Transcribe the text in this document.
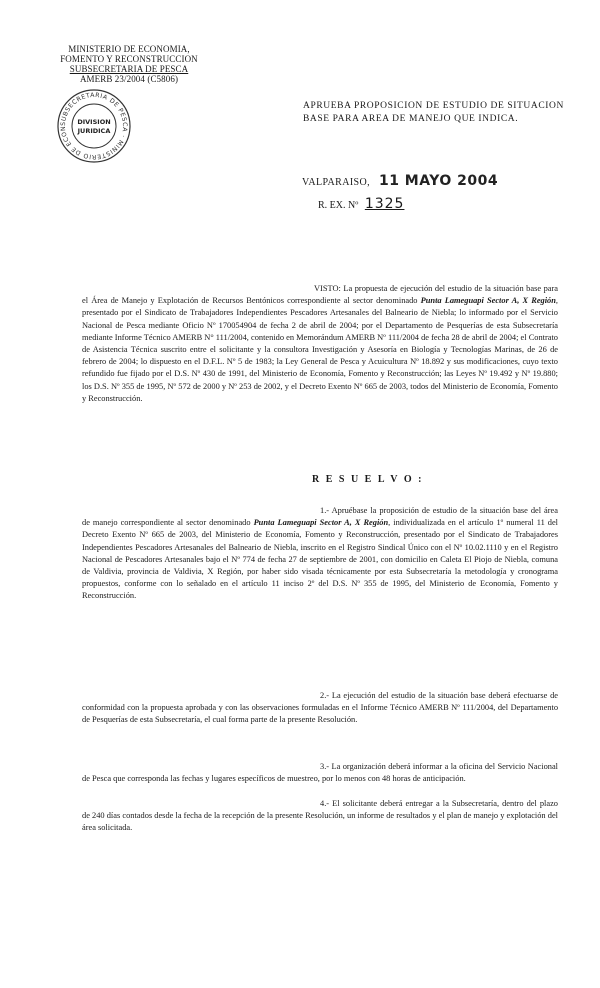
MINISTERIO DE ECONOMIA,
FOMENTO Y RECONSTRUCCION
SUBSECRETARIA DE PESCA
AMERB 23/2004 (C5806)
SUBSECRETARIA DE PESCA · MINISTERIO DE ECON
DIVISION
JURIDICA
APRUEBA PROPOSICION DE ESTUDIO DE SITUACION BASE PARA AREA DE MANEJO QUE INDICA.
VALPARAISO, 11 MAYO 2004
R. EX. Nº 1325
VISTO: La propuesta de ejecución del estudio de la situación base para el Área de Manejo y Explotación de Recursos Bentónicos correspondiente al sector denominado Punta Lameguapi Sector A, X Región, presentado por el Sindicato de Trabajadores Independientes Pescadores Artesanales del Balneario de Niebla; lo informado por el Servicio Nacional de Pesca mediante Oficio Nº 170054904 de fecha 2 de abril de 2004; por el Departamento de Pesquerías de esta Subsecretaría mediante Informe Técnico AMERB N° 111/2004, contenido en Memorándum AMERB Nº 111/2004 de fecha 28 de abril de 2004; el Contrato de Asistencia Técnica suscrito entre el solicitante y la consultora Investigación y Asesoría en Biología y Tecnologías Marinas, de 26 de febrero de 2004; lo dispuesto en el D.F.L. Nº 5 de 1983; la Ley General de Pesca y Acuicultura Nº 18.892 y sus modificaciones, cuyo texto refundido fue fijado por el D.S. Nº 430 de 1991, del Ministerio de Economía, Fomento y Reconstrucción; las Leyes Nº 19.492 y Nº 19.880; los D.S. Nº 355 de 1995, Nº 572 de 2000 y Nº 253 de 2002, y el Decreto Exento Nº 665 de 2003, todos del Ministerio de Economía, Fomento y Reconstrucción.
R E S U E L V O :
1.- Apruébase la proposición de estudio de la situación base del área de manejo correspondiente al sector denominado Punta Lameguapi Sector A, X Región, individualizada en el artículo 1º numeral 11 del Decreto Exento Nº 665 de 2003, del Ministerio de Economía, Fomento y Reconstrucción, presentado por el Sindicato de Trabajadores Independientes Pescadores Artesanales del Balneario de Niebla, inscrito en el Registro Sindical Único con el Nº 10.02.1110 y en el Registro Nacional de Pescadores Artesanales bajo el Nº 774 de fecha 27 de septiembre de 2001, con domicilio en Caleta El Piojo de Niebla, comuna de Valdivia, provincia de Valdivia, X Región, por haber sido visada técnicamente por esta Subsecretaría la metodología y cronograma propuestos, conforme con lo señalado en el artículo 11 inciso 2º del D.S. Nº 355 de 1995, del Ministerio de Economía, Fomento y Reconstrucción.
2.- La ejecución del estudio de la situación base deberá efectuarse de conformidad con la propuesta aprobada y con las observaciones formuladas en el Informe Técnico AMERB Nº 111/2004, del Departamento de Pesquerías de esta Subsecretaría, el cual forma parte de la presente Resolución.
3.- La organización deberá informar a la oficina del Servicio Nacional de Pesca que corresponda las fechas y lugares específicos de muestreo, por lo menos con 48 horas de anticipación.
4.- El solicitante deberá entregar a la Subsecretaría, dentro del plazo de 240 días contados desde la fecha de la recepción de la presente Resolución, un informe de resultados y el plan de manejo y explotación del área solicitada.
